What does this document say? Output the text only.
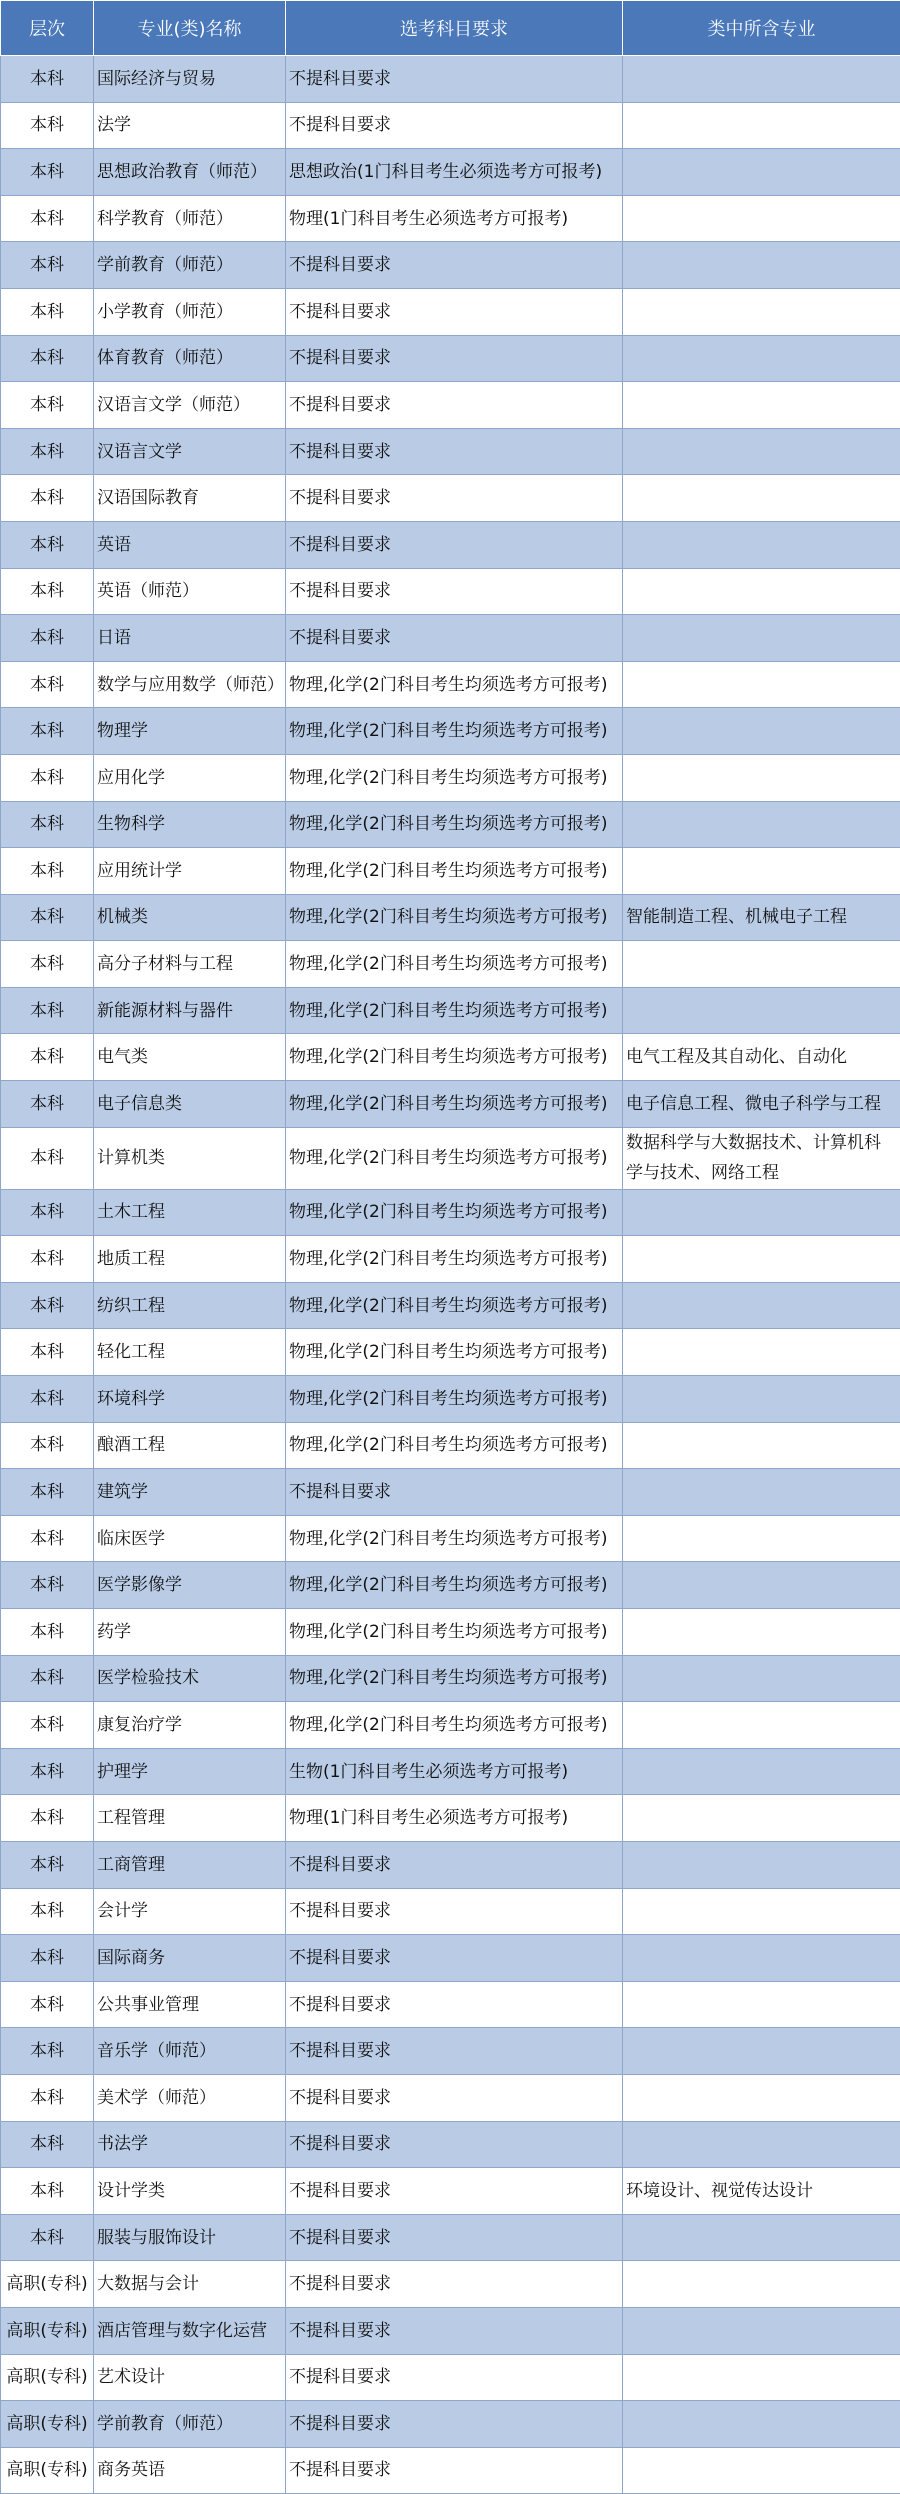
层次	专业(类)名称	选考科目要求	类中所含专业
本科	国际经济与贸易	不提科目要求	
本科	法学	不提科目要求	
本科	思想政治教育（师范）	思想政治(1门科目考生必须选考方可报考)	
本科	科学教育（师范）	物理(1门科目考生必须选考方可报考)	
本科	学前教育（师范）	不提科目要求	
本科	小学教育（师范）	不提科目要求	
本科	体育教育（师范）	不提科目要求	
本科	汉语言文学（师范）	不提科目要求	
本科	汉语言文学	不提科目要求	
本科	汉语国际教育	不提科目要求	
本科	英语	不提科目要求	
本科	英语（师范）	不提科目要求	
本科	日语	不提科目要求	
本科	数学与应用数学（师范）	物理,化学(2门科目考生均须选考方可报考)	
本科	物理学	物理,化学(2门科目考生均须选考方可报考)	
本科	应用化学	物理,化学(2门科目考生均须选考方可报考)	
本科	生物科学	物理,化学(2门科目考生均须选考方可报考)	
本科	应用统计学	物理,化学(2门科目考生均须选考方可报考)	
本科	机械类	物理,化学(2门科目考生均须选考方可报考)	智能制造工程、机械电子工程
本科	高分子材料与工程	物理,化学(2门科目考生均须选考方可报考)	
本科	新能源材料与器件	物理,化学(2门科目考生均须选考方可报考)	
本科	电气类	物理,化学(2门科目考生均须选考方可报考)	电气工程及其自动化、自动化
本科	电子信息类	物理,化学(2门科目考生均须选考方可报考)	电子信息工程、微电子科学与工程
本科	计算机类	物理,化学(2门科目考生均须选考方可报考)	数据科学与大数据技术、计算机科学与技术、网络工程
本科	土木工程	物理,化学(2门科目考生均须选考方可报考)	
本科	地质工程	物理,化学(2门科目考生均须选考方可报考)	
本科	纺织工程	物理,化学(2门科目考生均须选考方可报考)	
本科	轻化工程	物理,化学(2门科目考生均须选考方可报考)	
本科	环境科学	物理,化学(2门科目考生均须选考方可报考)	
本科	酿酒工程	物理,化学(2门科目考生均须选考方可报考)	
本科	建筑学	不提科目要求	
本科	临床医学	物理,化学(2门科目考生均须选考方可报考)	
本科	医学影像学	物理,化学(2门科目考生均须选考方可报考)	
本科	药学	物理,化学(2门科目考生均须选考方可报考)	
本科	医学检验技术	物理,化学(2门科目考生均须选考方可报考)	
本科	康复治疗学	物理,化学(2门科目考生均须选考方可报考)	
本科	护理学	生物(1门科目考生必须选考方可报考)	
本科	工程管理	物理(1门科目考生必须选考方可报考)	
本科	工商管理	不提科目要求	
本科	会计学	不提科目要求	
本科	国际商务	不提科目要求	
本科	公共事业管理	不提科目要求	
本科	音乐学（师范）	不提科目要求	
本科	美术学（师范）	不提科目要求	
本科	书法学	不提科目要求	
本科	设计学类	不提科目要求	环境设计、视觉传达设计
本科	服装与服饰设计	不提科目要求	
高职(专科)	大数据与会计	不提科目要求	
高职(专科)	酒店管理与数字化运营	不提科目要求	
高职(专科)	艺术设计	不提科目要求	
高职(专科)	学前教育（师范）	不提科目要求	
高职(专科)	商务英语	不提科目要求	
